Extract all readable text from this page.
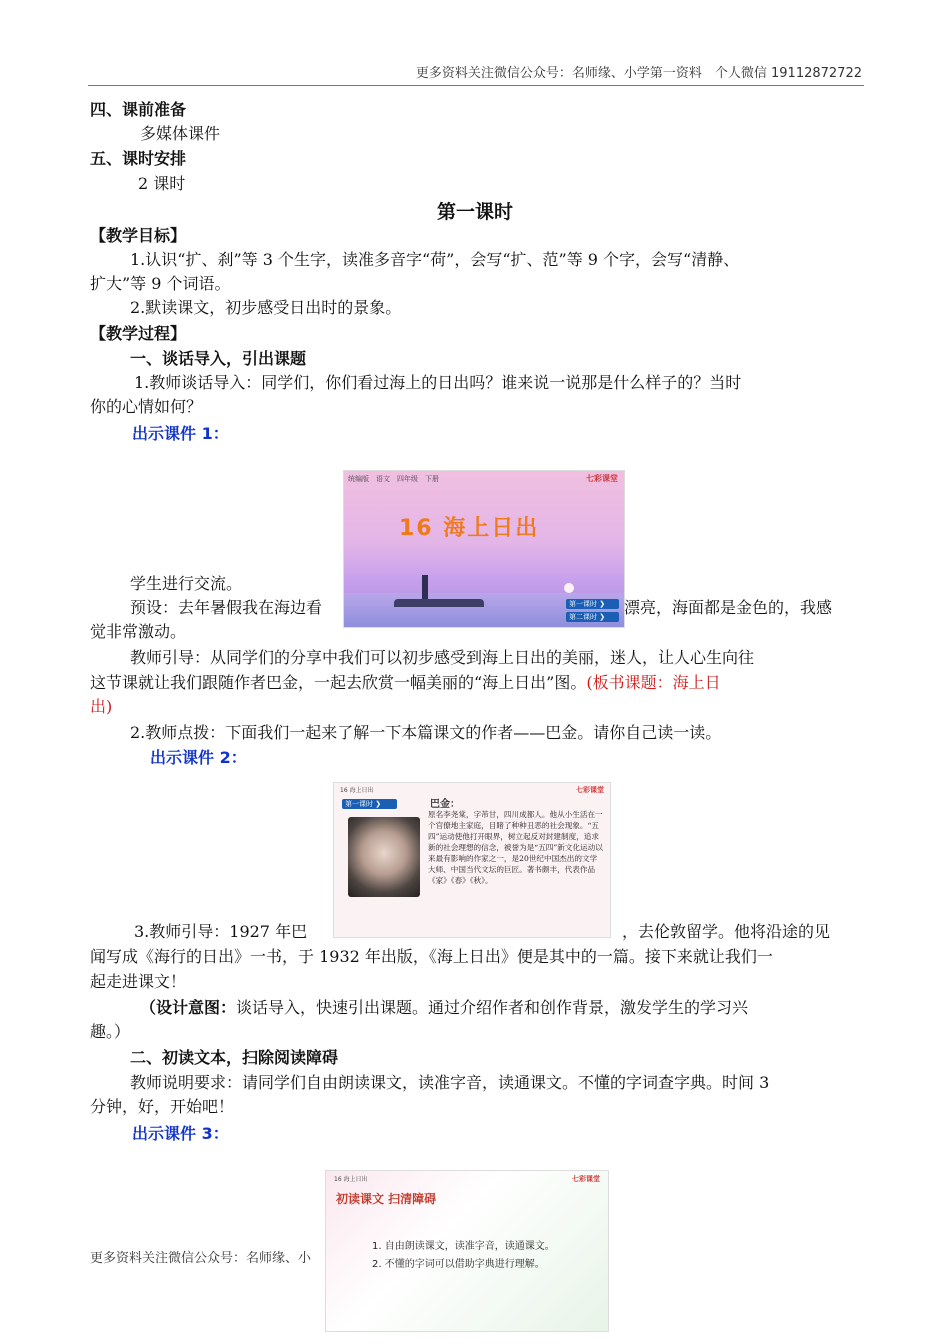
更多资料关注微信公众号：名师缘、小学第一资料　个人微信 19112872722
四、课前准备
多媒体课件
五、课时安排
2 课时
第一课时
【教学目标】
1.认识“扩、刹”等 3 个生字，读准多音字“荷”，会写“扩、范”等 9 个字，会写“清静、
扩大”等 9 个词语。
2.默读课文，初步感受日出时的景象。
【教学过程】
一、谈话导入，引出课题
1.教师谈话导入：同学们，你们看过海上的日出吗？谁来说一说那是什么样子的？当时
你的心情如何？
出示课件 1：
统编版　语文　四年级　下册	七彩课堂
16 海上日出
第一课时 ❯
第二课时 ❯
学生进行交流。
预设：去年暑假我在海边看	漂亮，海面都是金色的，我感
觉非常激动。
教师引导：从同学们的分享中我们可以初步感受到海上日出的美丽，迷人，让人心生向往
这节课就让我们跟随作者巴金，一起去欣赏一幅美丽的“海上日出”图。(板书课题：海上日
出)
2.教师点拨：下面我们一起来了解一下本篇课文的作者——巴金。请你自己读一读。
出示课件 2：
16 海上日出	七彩课堂
第一课时 ❯	巴金：
原名李尧棠，字芾甘，四川成都人。他从小生活在一个官僚地主家庭，目睹了种种丑恶的社会现象。“五四”运动使他打开眼界，树立起反对封建制度，追求新的社会理想的信念，被誉为是“五四”新文化运动以来最有影响的作家之一，是20世纪中国杰出的文学大师、中国当代文坛的巨匠。著书颇丰，代表作品《家》《春》《秋》。
3.教师引导：1927 年巴	，去伦敦留学。他将沿途的见
闻写成《海行的日出》一书，于 1932 年出版，《海上日出》便是其中的一篇。接下来就让我们一
起走进课文！
（设计意图：谈话导入，快速引出课题。通过介绍作者和创作背景，激发学生的学习兴
趣。）
二、初读文本，扫除阅读障碍
教师说明要求：请同学们自由朗读课文，读准字音，读通课文。不懂的字词查字典。时间 3
分钟，好，开始吧！
出示课件 3：
16 海上日出	七彩课堂
初读课文 扫清障碍
1. 自由朗读课文，读准字音，读通课文。
2. 不懂的字词可以借助字典进行理解。
更多资料关注微信公众号：名师缘、小
